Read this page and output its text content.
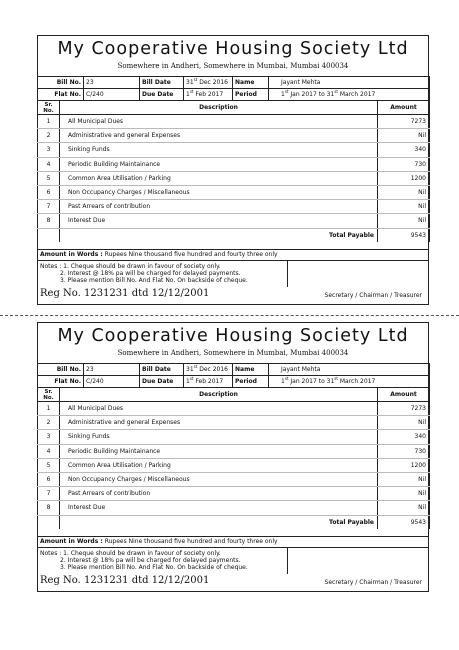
My Cooperative Housing Society Ltd
Somewhere in Andheri, Somewhere in Mumbai, Mumbai 400034
Bill No.	23	Bill Date	31st Dec 2016	Name	Jayant Mehta
Flat No.	C/240	Due Date	1st Feb 2017	Period	1st Jan 2017 to 31st March 2017
Sr. No.	Description	Amount
1	All Municipal Dues	7273
2	Administrative and general Expenses	Nil
3	Sinking Funds	340
4	Periodic Building Maintainance	730
5	Common Area Utilisation / Parking	1200
6	Non Occupancy Charges / Miscellaneous	Nil
7	Past Arrears of contribution	Nil
8	Interest Due	Nil
	Total Payable	9543
Amount in Words : Rupees Nine thousand five hundred and fourty three only
Notes : 1. Cheque should be drawn in favour of society only.
2. Interest @ 18% pa will be charged for delayed payments.
3. Please mention Bill No. And Flat No. On backside of cheque.
Reg No. 1231231 dtd 12/12/2001	Secretary / Chairman / Treasurer
My Cooperative Housing Society Ltd
Somewhere in Andheri, Somewhere in Mumbai, Mumbai 400034
Bill No.	23	Bill Date	31st Dec 2016	Name	Jayant Mehta
Flat No.	C/240	Due Date	1st Feb 2017	Period	1st Jan 2017 to 31st March 2017
Sr. No.	Description	Amount
1	All Municipal Dues	7273
2	Administrative and general Expenses	Nil
3	Sinking Funds	340
4	Periodic Building Maintainance	730
5	Common Area Utilisation / Parking	1200
6	Non Occupancy Charges / Miscellaneous	Nil
7	Past Arrears of contribution	Nil
8	Interest Due	Nil
	Total Payable	9543
Amount in Words : Rupees Nine thousand five hundred and fourty three only
Notes : 1. Cheque should be drawn in favour of society only.
2. Interest @ 18% pa will be charged for delayed payments.
3. Please mention Bill No. And Flat No. On backside of cheque.
Reg No. 1231231 dtd 12/12/2001	Secretary / Chairman / Treasurer
